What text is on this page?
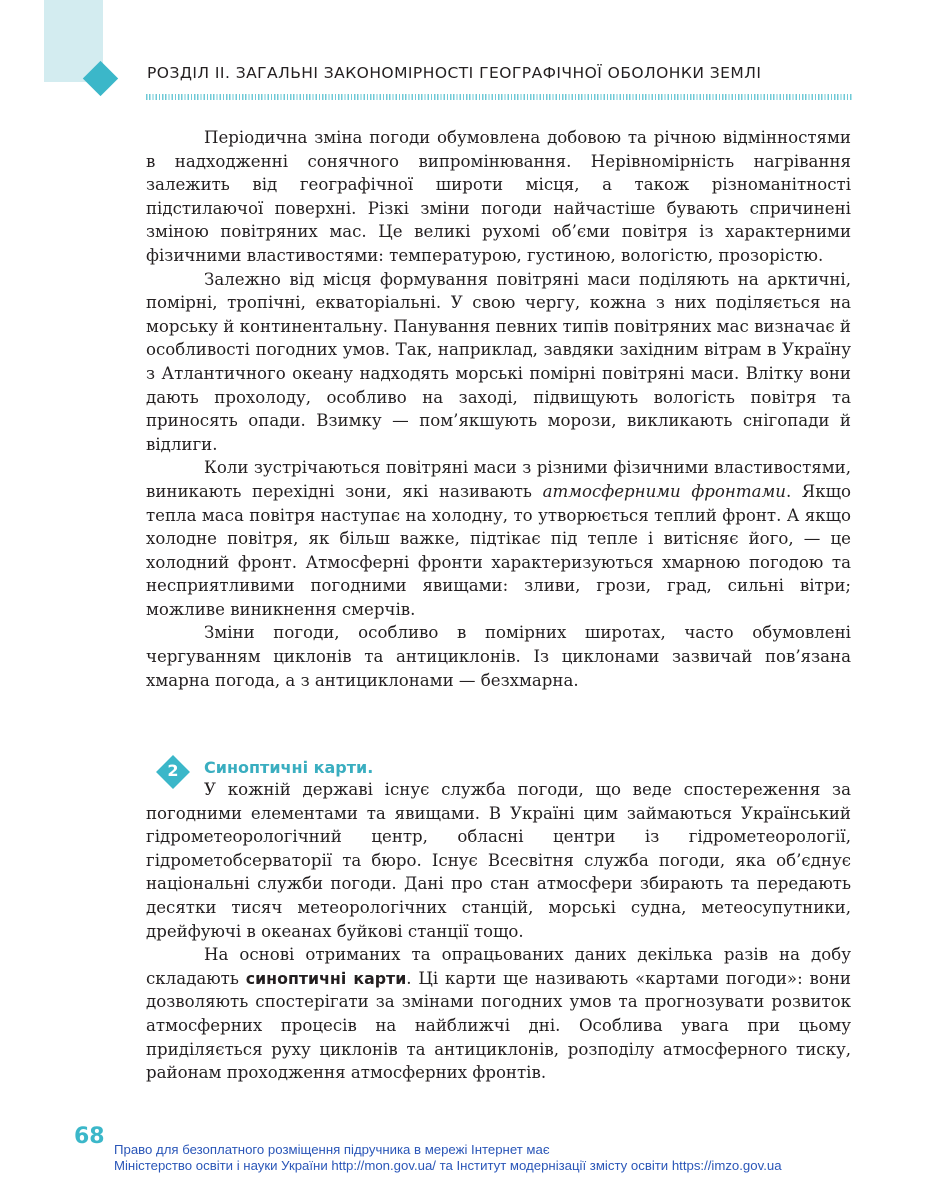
РОЗДІЛ II. ЗАГАЛЬНІ ЗАКОНОМІРНОСТІ ГЕОГРАФІЧНОЇ ОБОЛОНКИ ЗЕМЛІ

Періодична зміна погоди обумовлена добовою та річною відмінностями в надходженні сонячного випромінювання. Нерівномірність нагрівання залежить від географічної широти місця, а також різноманітності підстилаючої поверхні. Різкі зміни погоди найчастіше бувають спричинені зміною повітряних мас. Це великі рухомі об’єми повітря із характерними фізичними властивостями: температурою, густиною, вологістю, прозорістю.

Залежно від місця формування повітряні маси поділяють на арктичні, помірні, тропічні, екваторіальні. У свою чергу, кожна з них поділяється на морську й континентальну. Панування певних типів повітряних мас визначає й особливості погодних умов. Так, наприклад, завдяки західним вітрам в Україну з Атлантичного океану надходять морські помірні повітряні маси. Влітку вони дають прохолоду, особливо на заході, підвищують вологість повітря та приносять опади. Взимку — пом’якшують морози, викликають снігопади й відлиги.

Коли зустрічаються повітряні маси з різними фізичними властивостями, виникають перехідні зони, які називають атмосферними фронтами. Якщо тепла маса повітря наступає на холодну, то утворюється теплий фронт. А якщо холодне повітря, як більш важке, підтікає під тепле і витісняє його, — це холодний фронт. Атмосферні фронти характеризуються хмарною погодою та несприятливими погодними явищами: зливи, грози, град, сильні вітри; можливе виникнення смерчів.

Зміни погоди, особливо в помірних широтах, часто обумовлені чергуванням циклонів та антициклонів. Із циклонами зазвичай пов’язана хмарна погода, а з антициклонами — безхмарна.

2	Синоптичні карти.

У кожній державі існує служба погоди, що веде спостереження за погодними елементами та явищами. В Україні цим займаються Український гідрометеорологічний центр, обласні центри із гідрометеорології, гідрометобсерваторії та бюро. Існує Всесвітня служба погоди, яка об’єднує національні служби погоди. Дані про стан атмосфери збирають та передають десятки тисяч метеорологічних станцій, морські судна, метеосупутники, дрейфуючі в океанах буйкові станції тощо.

На основі отриманих та опрацьованих даних декілька разів на добу складають синоптичні карти. Ці карти ще називають «картами погоди»: вони дозволяють спостерігати за змінами погодних умов та прогнозувати розвиток атмосферних процесів на найближчі дні. Особлива увага при цьому приділяється руху циклонів та антициклонів, розподілу атмосферного тиску, районам проходження атмосферних фронтів.

68
Право для безоплатного розміщення підручника в мережі Інтернет має
Міністерство освіти і науки України http://mon.gov.ua/ та Інститут модернізації змісту освіти https://imzo.gov.ua
